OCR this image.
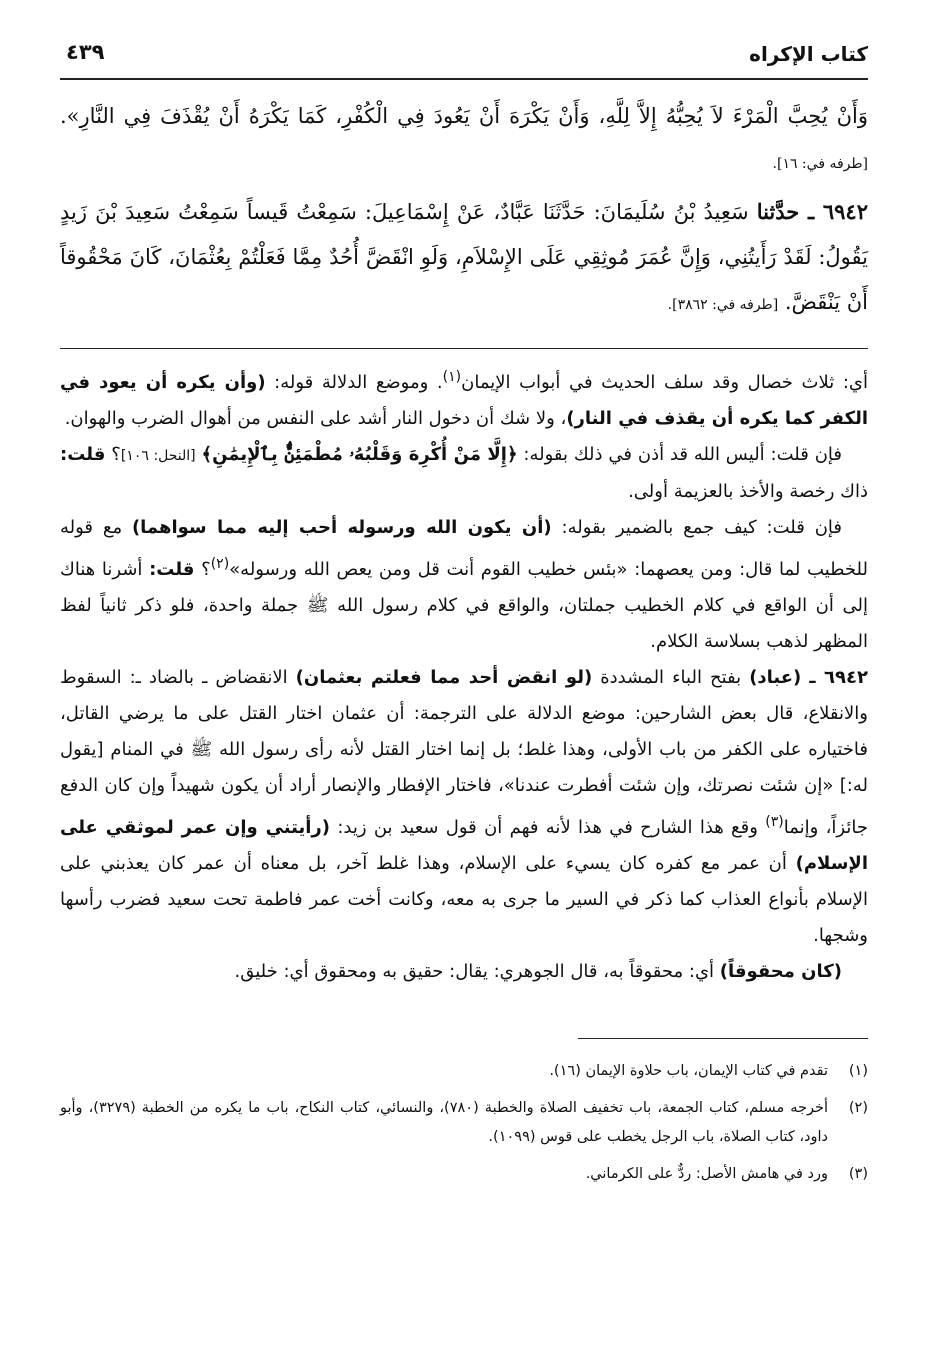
كتاب الإكراه
٤٣٩

وَأَنْ يُحِبَّ الْمَرْءَ لاَ يُحِبُّهُ إِلاَّ لِلَّهِ، وَأَنْ يَكْرَهَ أَنْ يَعُودَ فِي الْكُفْرِ، كَمَا يَكْرَهُ أَنْ يُقْذَفَ فِي النَّارِ». [طرفه في: ١٦].

٦٩٤٢ ـ حدَّثنا سَعِيدُ بْنُ سُلَيمَانَ: حَدَّثَنَا عَبَّادٌ، عَنْ إِسْمَاعِيلَ: سَمِعْتُ قَيساً سَمِعْتُ سَعِيدَ بْنَ زَيدٍ يَقُولُ: لَقَدْ رَأَيتُنِي، وَإِنَّ عُمَرَ مُوثِقِي عَلَى الإِسْلاَمِ، وَلَوِ انْقَضَّ أُحُدٌ مِمَّا فَعَلْتُمْ بِعُثْمَانَ، كَانَ مَحْقُوقاً أَنْ يَنْقَضَّ. [طرفه في: ٣٨٦٢].

أي: ثلاث خصال وقد سلف الحديث في أبواب الإيمان$^{(١)}$. وموضع الدلالة قوله: (وأن يكره أن يعود في الكفر كما يكره أن يقذف في النار)، ولا شك أن دخول النار أشد على النفس من أهوال الضرب والهوان.

فإن قلت: أليس الله قد أذن في ذلك بقوله: ﴿إِلَّا مَنْ أُكْرِهَ وَقَلْبُهُۥ مُطْمَئِنٌّۢ بِٱلْإِيمَٰنِ﴾ [النحل: ١٠٦]؟ قلت: ذاك رخصة والأخذ بالعزيمة أولى.

فإن قلت: كيف جمع بالضمير بقوله: (أن يكون الله ورسوله أحب إليه مما سواهما) مع قوله للخطيب لما قال: ومن يعصهما: «بئس خطيب القوم أنت قل ومن يعص الله ورسوله»$^{(٢)}$؟ قلت: أشرنا هناك إلى أن الواقع في كلام الخطيب جملتان، والواقع في كلام رسول الله ﷺ جملة واحدة، فلو ذكر ثانياً لفظ المظهر لذهب بسلاسة الكلام.

٦٩٤٢ ـ (عباد) بفتح الباء المشددة (لو انقض أحد مما فعلتم بعثمان) الانقضاض ـ بالضاد ـ: السقوط والانقلاع، قال بعض الشارحين: موضع الدلالة على الترجمة: أن عثمان اختار القتل على ما يرضي القاتل، فاختياره على الكفر من باب الأولى، وهذا غلط؛ بل إنما اختار القتل لأنه رأى رسول الله ﷺ في المنام [يقول له:] «إن شئت نصرتك، وإن شئت أفطرت عندنا»، فاختار الإفطار والإنصار أراد أن يكون شهيداً وإن كان الدفع جائزاً، وإنما$^{(٣)}$ وقع هذا الشارح في هذا لأنه فهم أن قول سعيد بن زيد: (رأيتني وإن عمر لموثقي على الإسلام) أن عمر مع كفره كان يسيء على الإسلام، وهذا غلط آخر، بل معناه أن عمر كان يعذبني على الإسلام بأنواع العذاب كما ذكر في السير ما جرى به معه، وكانت أخت عمر فاطمة تحت سعيد فضرب رأسها وشجها.

(كان محقوقاً) أي: محقوقاً به، قال الجوهري: يقال: حقيق به ومحقوق أي: خليق.

(١)
تقدم في كتاب الإيمان، باب حلاوة الإيمان (١٦).
(٢)
أخرجه مسلم، كتاب الجمعة، باب تخفيف الصلاة والخطبة (٧٨٠)، والنسائي، كتاب النكاح، باب ما يكره من الخطبة (٣٢٧٩)، وأبو داود، كتاب الصلاة، باب الرجل يخطب على قوس (١٠٩٩).
(٣)
ورد في هامش الأصل: ردٌّ على الكرماني.
